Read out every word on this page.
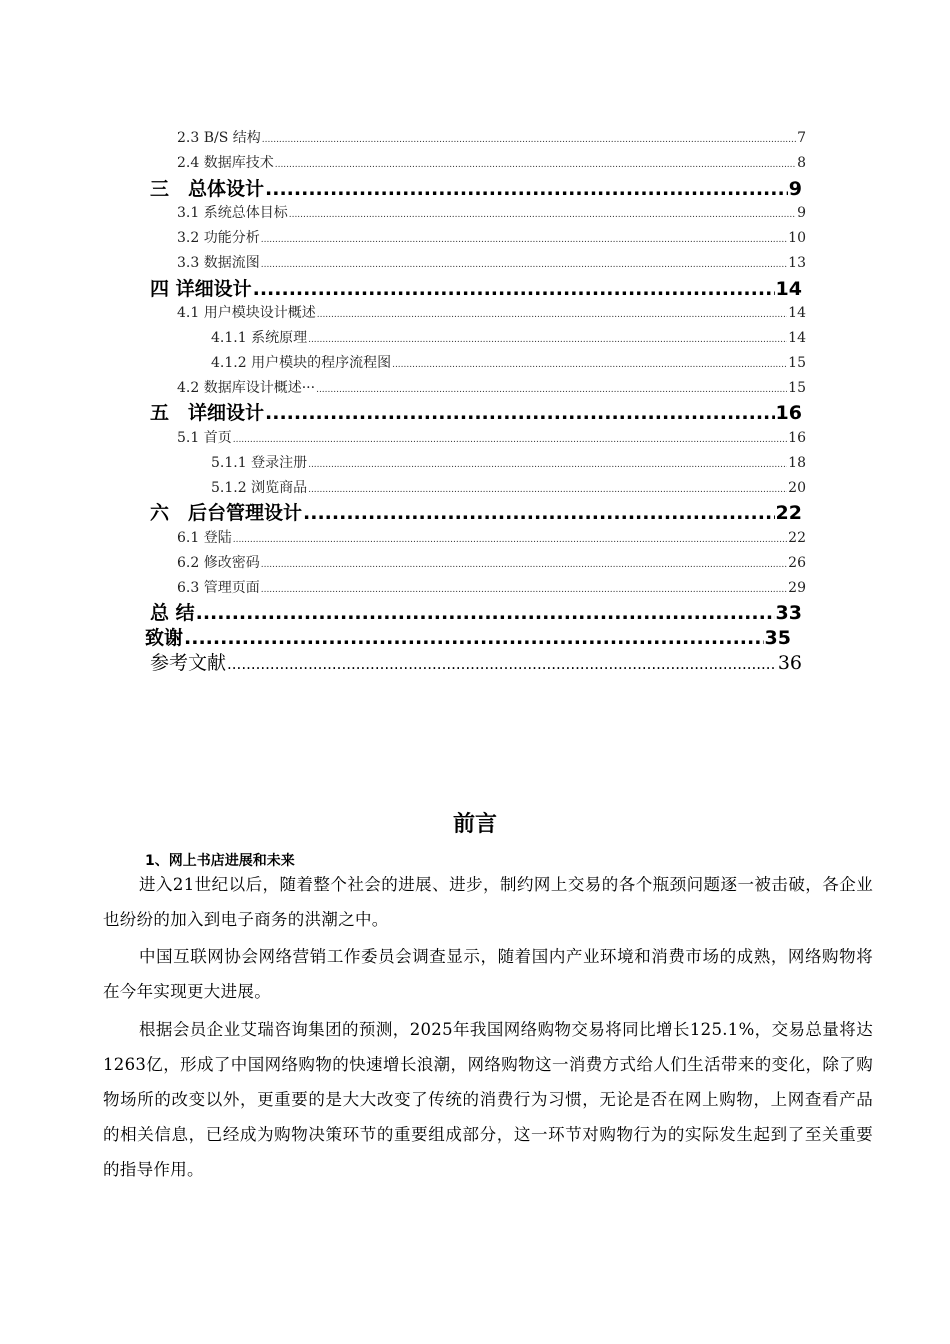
2.3 B/S 结构 .....	7
2.4 数据库技术 .....	8
三　总体设计 .....	9
3.1 系统总体目标 .....	9
3.2 功能分析 .....	10
3.3 数据流图 .....	13
四 详细设计 .....	14
4.1 用户模块设计概述 .....	14
4.1.1 系统原理 .....	14
4.1.2 用户模块的程序流程图 .....	15
4.2 数据库设计概述··· .....	15
五　详细设计 .....	16
5.1 首页 .....	16
5.1.1 登录注册 .....	18
5.1.2 浏览商品 .....	20
六　后台管理设计 .....	22
6.1 登陆 .....	22
6.2 修改密码 .....	26
6.3 管理页面 .....	29
总 结 .....	33
致谢 .....	35
参考文献 .....	36
前言
1、网上书店进展和未来

进入21世纪以后，随着整个社会的进展、进步，制约网上交易的各个瓶颈问题逐一被击破，各企业也纷纷的加入到电子商务的洪潮之中。

中国互联网协会网络营销工作委员会调查显示，随着国内产业环境和消费市场的成熟，网络购物将在今年实现更大进展。

根据会员企业艾瑞咨询集团的预测，2025年我国网络购物交易将同比增长125.1%，交易总量将达1263亿，形成了中国网络购物的快速增长浪潮，网络购物这一消费方式给人们生活带来的变化，除了购物场所的改变以外，更重要的是大大改变了传统的消费行为习惯，无论是否在网上购物，上网查看产品的相关信息，已经成为购物决策环节的重要组成部分，这一环节对购物行为的实际发生起到了至关重要的指导作用。
